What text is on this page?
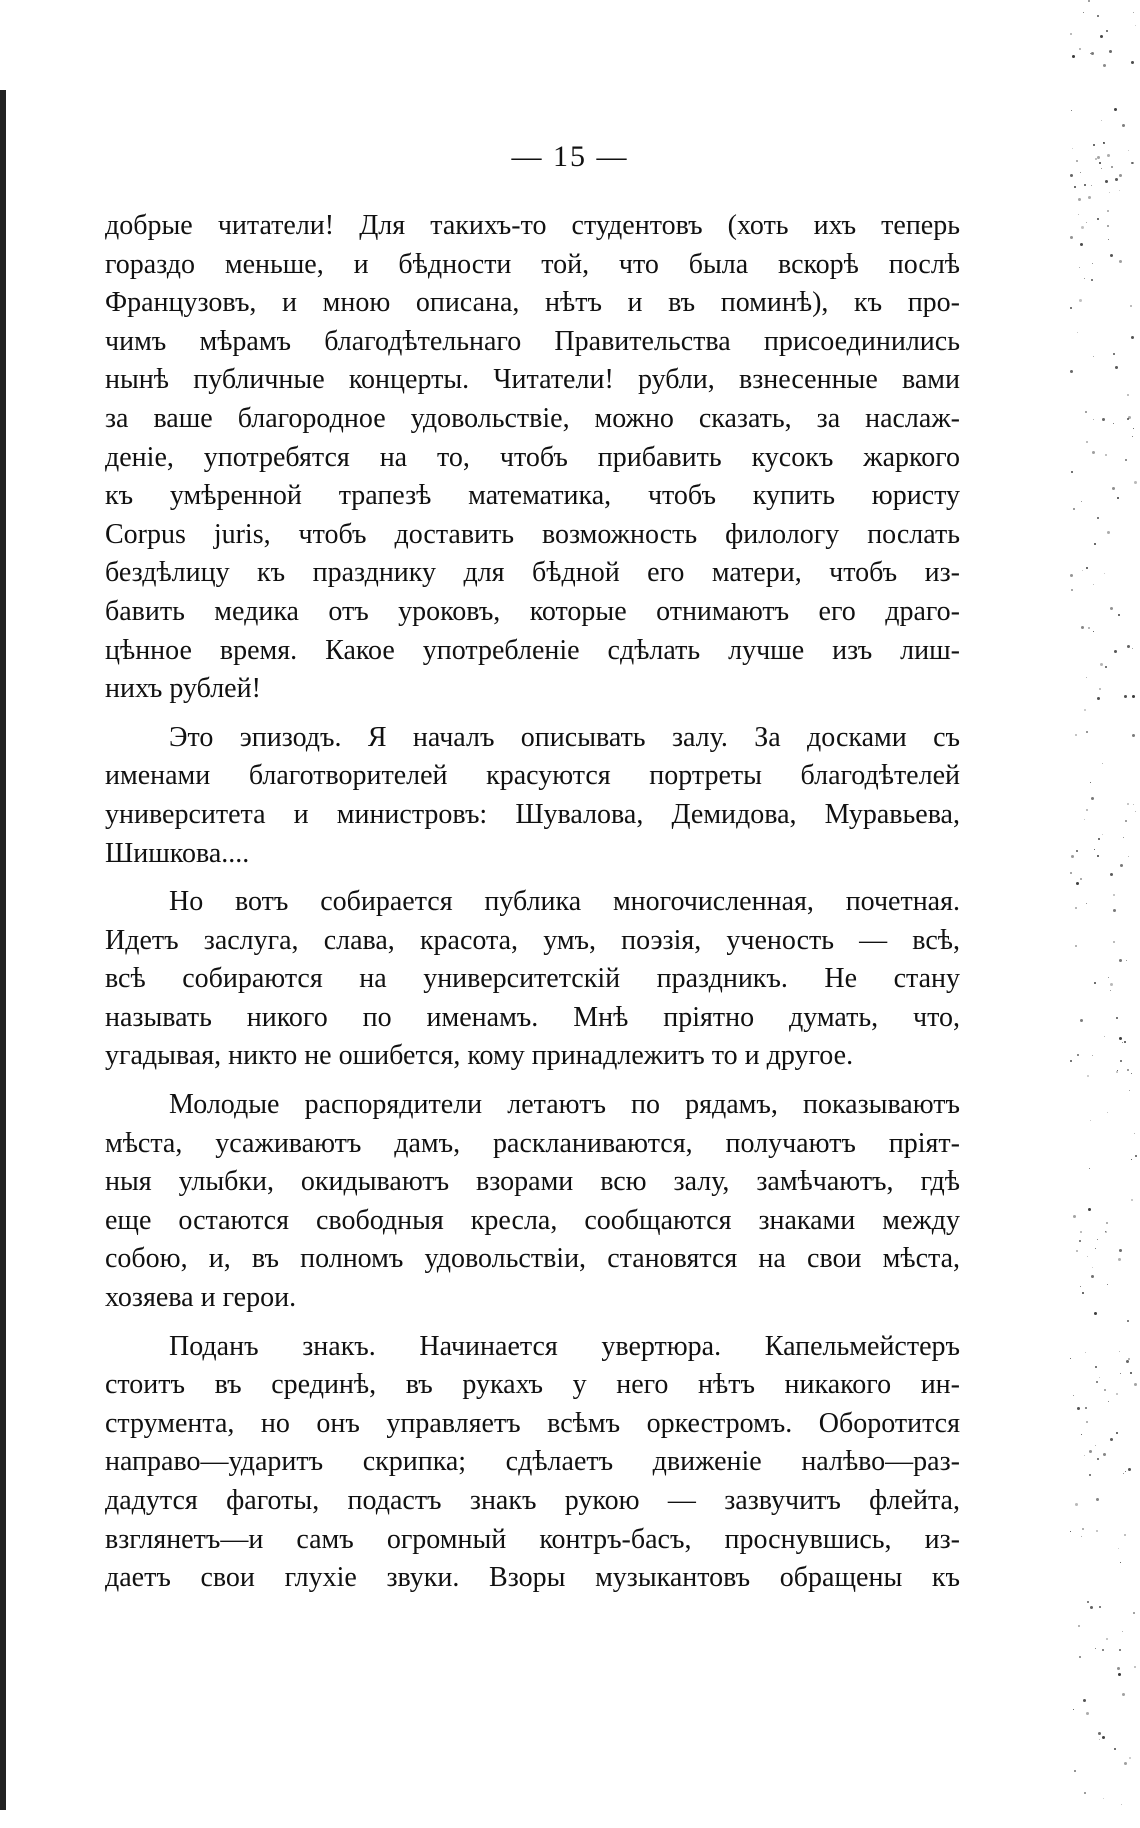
— 15 —
добрые читатели! Для такихъ-то студентовъ (хоть ихъ теперь
гораздо меньше, и бѣдности той, что была вскорѣ послѣ
Французовъ, и мною описана, нѣтъ и въ поминѣ), къ про-
чимъ мѣрамъ благодѣтельнаго Правительства присоединились
нынѣ публичные концерты. Читатели! рубли, взнесенные вами
за ваше благородное удовольствіе, можно сказать, за наслаж-
деніе, употребятся на то, чтобъ прибавить кусокъ жаркого
къ умѣренной трапезѣ математика, чтобъ купить юристу
Corpus juris, чтобъ доставить возможность филологу послать
бездѣлицу къ празднику для бѣдной его матери, чтобъ из-
бавить медика отъ уроковъ, которые отнимаютъ его драго-
цѣнное время. Какое употребленіе сдѣлать лучше изъ лиш-
нихъ рублей!
Это эпизодъ. Я началъ описывать залу. За досками съ
именами благотворителей красуются портреты благодѣтелей
университета и министровъ: Шувалова, Демидова, Муравьева,
Шишкова....
Но вотъ собирается публика многочисленная, почетная.
Идетъ заслуга, слава, красота, умъ, поэзія, ученость — всѣ,
всѣ собираются на университетскій праздникъ. Не стану
называть никого по именамъ. Мнѣ пріятно думать, что,
угадывая, никто не ошибется, кому принадлежитъ то и другое.
Молодые распорядители летаютъ по рядамъ, показываютъ
мѣста, усаживаютъ дамъ, раскланиваются, получаютъ пріят-
ныя улыбки, окидываютъ взорами всю залу, замѣчаютъ, гдѣ
еще остаются свободныя кресла, сообщаются знаками между
собою, и, въ полномъ удовольствіи, становятся на свои мѣста,
хозяева и герои.
Поданъ знакъ. Начинается увертюра. Капельмейстеръ
стоитъ въ срединѣ, въ рукахъ у него нѣтъ никакого ин-
струмента, но онъ управляетъ всѣмъ оркестромъ. Оборотится
направо—ударитъ скрипка; сдѣлаетъ движеніе налѣво—раз-
дадутся фаготы, подастъ знакъ рукою — зазвучитъ флейта,
взглянетъ—и самъ огромный контръ-басъ, проснувшись, из-
даетъ свои глухіе звуки. Взоры музыкантовъ обращены къ
